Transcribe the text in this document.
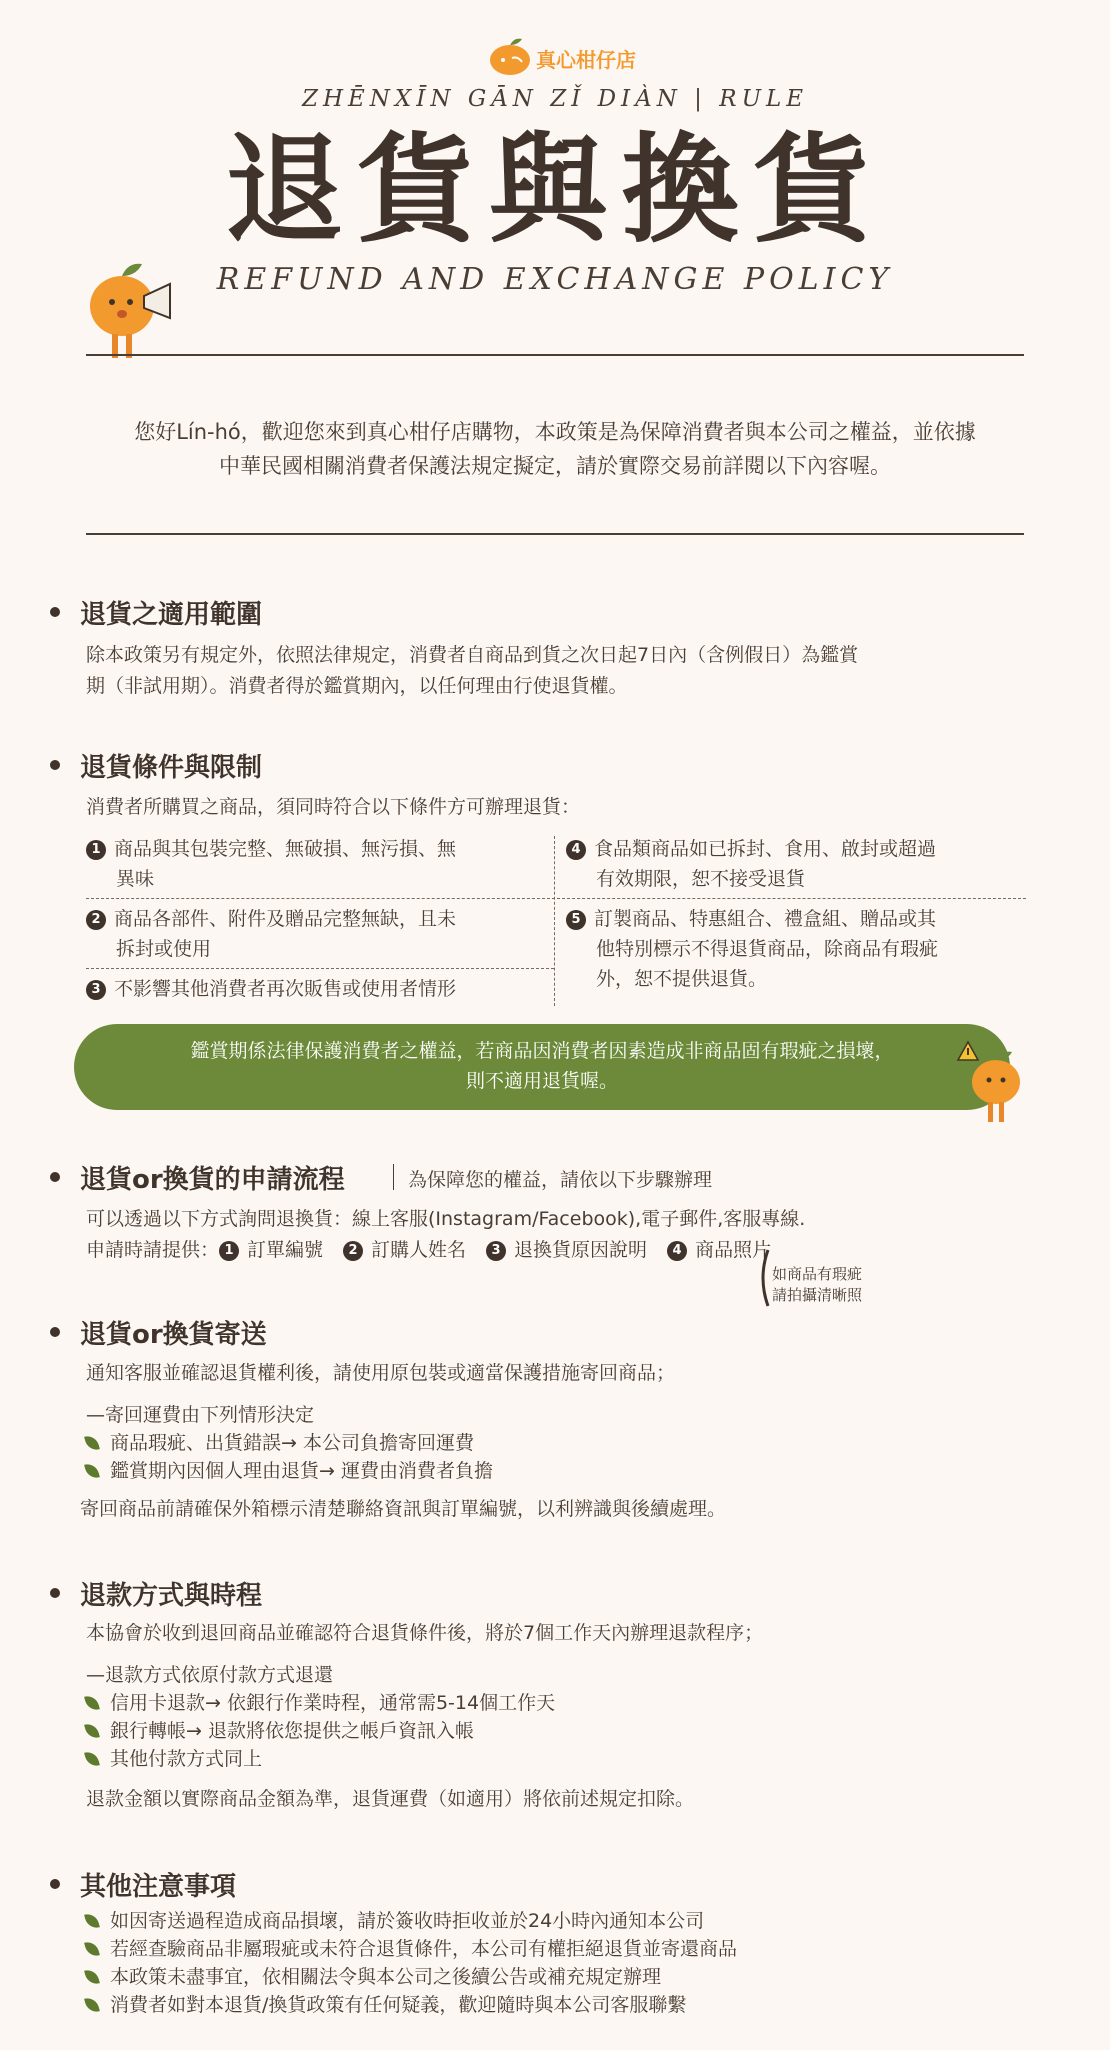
真心柑仔店
ZHĒNXĪN GĀN ZǏ DIÀN | RULE
退貨與換貨
REFUND AND EXCHANGE POLICY
您好Lín-hó，歡迎您來到真心柑仔店購物，本政策是為保障消費者與本公司之權益，並依據
中華民國相關消費者保護法規定擬定，請於實際交易前詳閱以下內容喔。
退貨之適用範圍
除本政策另有規定外，依照法律規定，消費者自商品到貨之次日起7日內（含例假日）為鑑賞
期（非試用期）。消費者得於鑑賞期內，以任何理由行使退貨權。
退貨條件與限制
消費者所購買之商品，須同時符合以下條件方可辦理退貨：
1 商品與其包裝完整、無破損、無污損、無
異味
2 商品各部件、附件及贈品完整無缺，且未
拆封或使用
3 不影響其他消費者再次販售或使用者情形
4 食品類商品如已拆封、食用、啟封或超過
有效期限，恕不接受退貨
5 訂製商品、特惠組合、禮盒組、贈品或其
他特別標示不得退貨商品，除商品有瑕疵
外，恕不提供退貨。
鑑賞期係法律保護消費者之權益，若商品因消費者因素造成非商品固有瑕疵之損壞，
則不適用退貨喔。
退貨or換貨的申請流程	為保障您的權益，請依以下步驟辦理
可以透過以下方式詢問退換貨：線上客服(Instagram/Facebook),電子郵件,客服專線.
申請時請提供： 1 訂單編號 2 訂購人姓名 3 退換貨原因說明 4 商品照片
如商品有瑕疵
請拍攝清晰照
退貨or換貨寄送
通知客服並確認退貨權利後，請使用原包裝或適當保護措施寄回商品；
—寄回運費由下列情形決定
商品瑕疵、出貨錯誤→ 本公司負擔寄回運費
鑑賞期內因個人理由退貨→ 運費由消費者負擔
寄回商品前請確保外箱標示清楚聯絡資訊與訂單編號，以利辨識與後續處理。
退款方式與時程
本協會於收到退回商品並確認符合退貨條件後，將於7個工作天內辦理退款程序；
—退款方式依原付款方式退還
信用卡退款→ 依銀行作業時程，通常需5-14個工作天
銀行轉帳→ 退款將依您提供之帳戶資訊入帳
其他付款方式同上
退款金額以實際商品金額為準，退貨運費（如適用）將依前述規定扣除。
其他注意事項
如因寄送過程造成商品損壞，請於簽收時拒收並於24小時內通知本公司
若經查驗商品非屬瑕疵或未符合退貨條件，本公司有權拒絕退貨並寄還商品
本政策未盡事宜，依相關法令與本公司之後續公告或補充規定辦理
消費者如對本退貨/換貨政策有任何疑義，歡迎隨時與本公司客服聯繫
